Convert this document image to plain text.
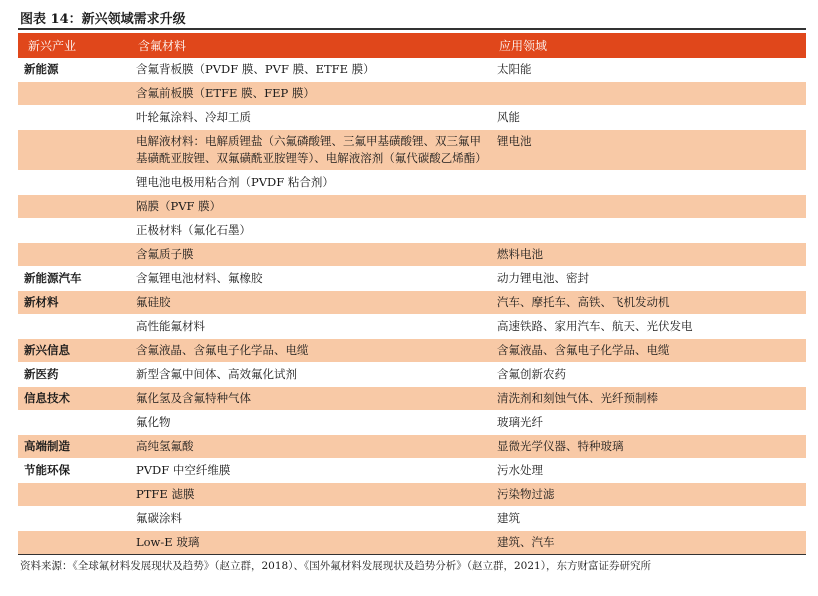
图表 14：新兴领域需求升级
新兴产业	含氟材料	应用领域
新能源	含氟背板膜（PVDF 膜、PVF 膜、ETFE 膜）	太阳能
	含氟前板膜（ETFE 膜、FEP 膜）	
	叶轮氟涂料、冷却工质	风能
	电解液材料：电解质锂盐（六氟磷酸锂、三氟甲基磺酸锂、双三氟甲基磺酰亚胺锂、双氟磺酰亚胺锂等）、电解液溶剂（氟代碳酸乙烯酯）	锂电池
	锂电池电极用粘合剂（PVDF 粘合剂）	
	隔膜（PVF 膜）	
	正极材料（氟化石墨）	
	含氟质子膜	燃料电池
新能源汽车	含氟锂电池材料、氟橡胶	动力锂电池、密封
新材料	氟硅胶	汽车、摩托车、高铁、飞机发动机
	高性能氟材料	高速铁路、家用汽车、航天、光伏发电
新兴信息	含氟液晶、含氟电子化学品、电缆	含氟液晶、含氟电子化学品、电缆
新医药	新型含氟中间体、高效氟化试剂	含氟创新农药
信息技术	氟化氢及含氟特种气体	清洗剂和刻蚀气体、光纤预制棒
	氟化物	玻璃光纤
高端制造	高纯氢氟酸	显微光学仪器、特种玻璃
节能环保	PVDF 中空纤维膜	污水处理
	PTFE 滤膜	污染物过滤
	氟碳涂料	建筑
	Low-E 玻璃	建筑、汽车
资料来源：《全球氟材料发展现状及趋势》（赵立群，2018）、《国外氟材料发展现状及趋势分析》（赵立群，2021），东方财富证券研究所
